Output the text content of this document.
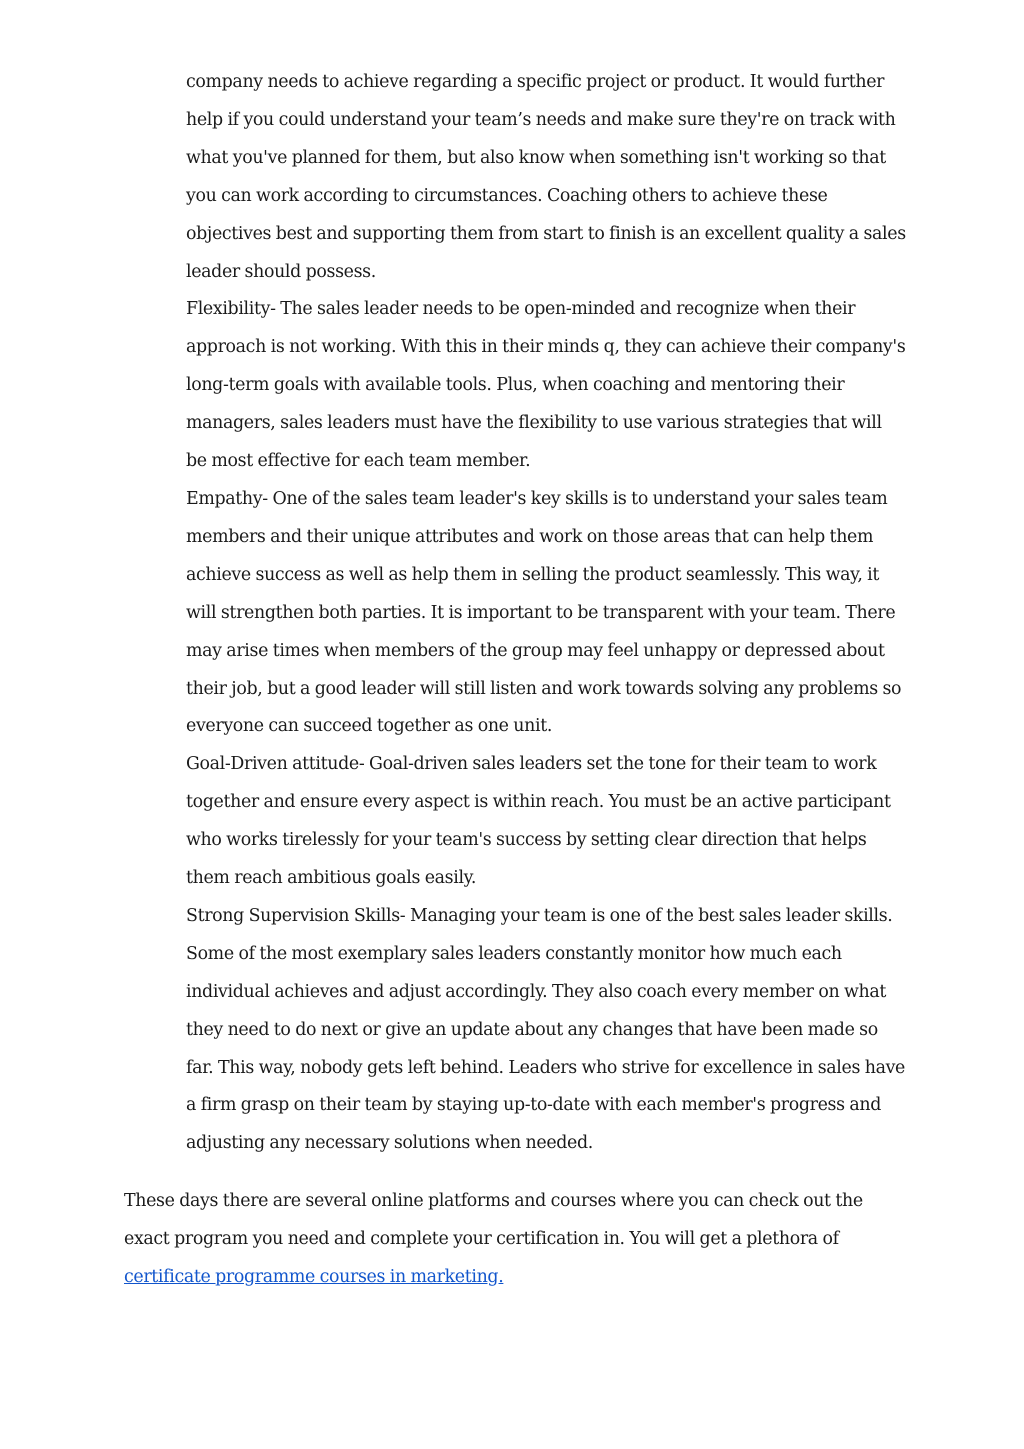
company needs to achieve regarding a specific project or product. It would further help if you could understand your team’s needs and make sure they're on track with what you've planned for them, but also know when something isn't working so that you can work according to circumstances. Coaching others to achieve these objectives best and supporting them from start to finish is an excellent quality a sales leader should possess.

Flexibility- The sales leader needs to be open-minded and recognize when their approach is not working. With this in their minds q, they can achieve their company's long-term goals with available tools. Plus, when coaching and mentoring their managers, sales leaders must have the flexibility to use various strategies that will be most effective for each team member.

Empathy- One of the sales team leader's key skills is to understand your sales team members and their unique attributes and work on those areas that can help them achieve success as well as help them in selling the product seamlessly. This way, it will strengthen both parties. It is important to be transparent with your team. There may arise times when members of the group may feel unhappy or depressed about their job, but a good leader will still listen and work towards solving any problems so everyone can succeed together as one unit.

Goal-Driven attitude- Goal-driven sales leaders set the tone for their team to work together and ensure every aspect is within reach. You must be an active participant who works tirelessly for your team's success by setting clear direction that helps them reach ambitious goals easily.

Strong Supervision Skills- Managing your team is one of the best sales leader skills. Some of the most exemplary sales leaders constantly monitor how much each individual achieves and adjust accordingly. They also coach every member on what they need to do next or give an update about any changes that have been made so far. This way, nobody gets left behind. Leaders who strive for excellence in sales have a firm grasp on their team by staying up-to-date with each member's progress and adjusting any necessary solutions when needed.

These days there are several online platforms and courses where you can check out the exact program you need and complete your certification in. You will get a plethora of certificate programme courses in marketing.
